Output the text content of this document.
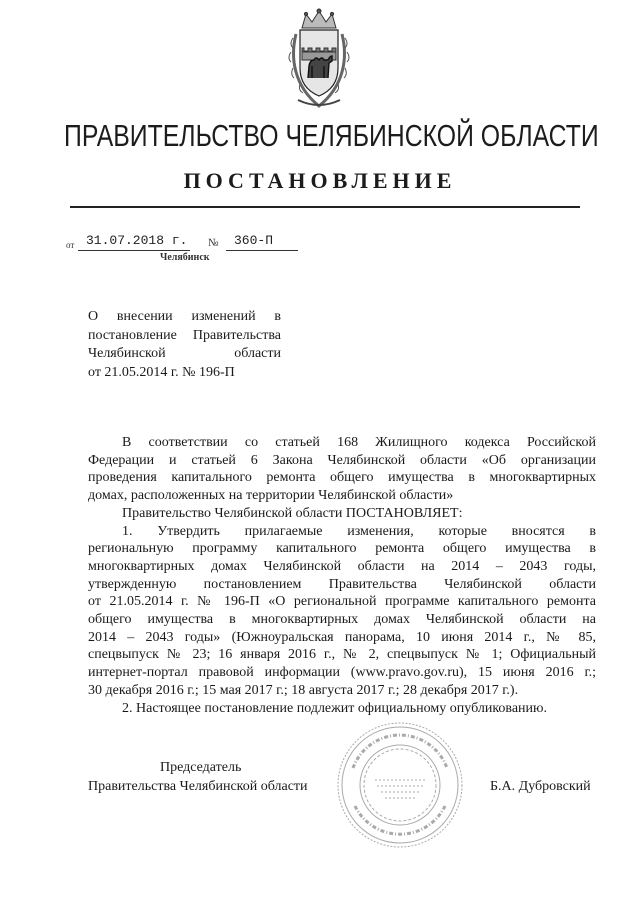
ПРАВИТЕЛЬСТВО ЧЕЛЯБИНСКОЙ ОБЛАСТИ
ПОСТАНОВЛЕНИЕ
от 31.07.2018 г. № 360-П
Челябинск
О внесении изменений в
постановление Правительства
Челябинской области
от 21.05.2014 г. № 196-П
В соответствии со статьей 168 Жилищного кодекса Российской
Федерации и статьей 6 Закона Челябинской области «Об организации
проведения капитального ремонта общего имущества в многоквартирных
домах, расположенных на территории Челябинской области»
Правительство Челябинской области ПОСТАНОВЛЯЕТ:
1. Утвердить прилагаемые изменения, которые вносятся в
региональную программу капитального ремонта общего имущества в
многоквартирных домах Челябинской области на 2014 – 2043 годы,
утвержденную постановлением Правительства Челябинской области
от 21.05.2014 г. № 196-П «О региональной программе капитального ремонта
общего имущества в многоквартирных домах Челябинской области на
2014 – 2043 годы» (Южноуральская панорама, 10 июня 2014 г., № 85,
спецвыпуск № 23; 16 января 2016 г., № 2, спецвыпуск № 1; Официальный
интернет-портал правовой информации (www.pravo.gov.ru), 15 июня 2016 г.;
30 декабря 2016 г.; 15 мая 2017 г.; 18 августа 2017 г.; 28 декабря 2017 г.).
2. Настоящее постановление подлежит официальному опубликованию.
Председатель
Правительства Челябинской области	Б.А. Дубровский
